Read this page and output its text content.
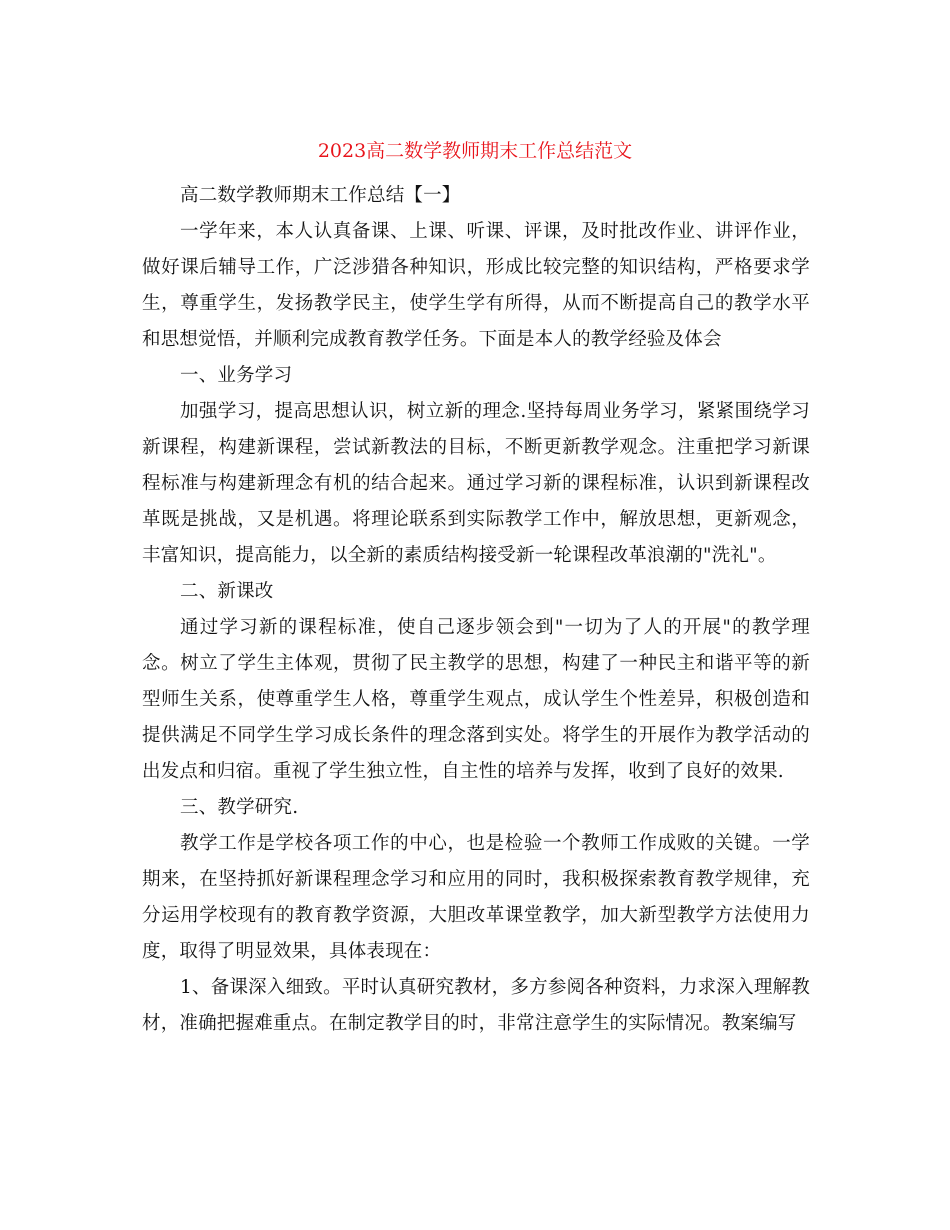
2023高二数学教师期末工作总结范文

高二数学教师期末工作总结【一】

一学年来，本人认真备课、上课、听课、评课，及时批改作业、讲评作业，做好课后辅导工作，广泛涉猎各种知识，形成比较完整的知识结构，严格要求学生，尊重学生，发扬教学民主，使学生学有所得，从而不断提高自己的教学水平和思想觉悟，并顺利完成教育教学任务。下面是本人的教学经验及体会

一、业务学习

加强学习，提高思想认识，树立新的理念.坚持每周业务学习，紧紧围绕学习新课程，构建新课程，尝试新教法的目标，不断更新教学观念。注重把学习新课程标准与构建新理念有机的结合起来。通过学习新的课程标准，认识到新课程改革既是挑战，又是机遇。将理论联系到实际教学工作中，解放思想，更新观念，丰富知识，提高能力，以全新的素质结构接受新一轮课程改革浪潮的"洗礼"。

二、新课改

通过学习新的课程标准，使自己逐步领会到"一切为了人的开展"的教学理念。树立了学生主体观，贯彻了民主教学的思想，构建了一种民主和谐平等的新型师生关系，使尊重学生人格，尊重学生观点，成认学生个性差异，积极创造和提供满足不同学生学习成长条件的理念落到实处。将学生的开展作为教学活动的出发点和归宿。重视了学生独立性，自主性的培养与发挥，收到了良好的效果.

三、教学研究.

教学工作是学校各项工作的中心，也是检验一个教师工作成败的关键。一学期来，在坚持抓好新课程理念学习和应用的同时，我积极探索教育教学规律，充分运用学校现有的教育教学资源，大胆改革课堂教学，加大新型教学方法使用力度，取得了明显效果，具体表现在：

1、备课深入细致。平时认真研究教材，多方参阅各种资料，力求深入理解教材，准确把握难重点。在制定教学目的时，非常注意学生的实际情况。教案编写
